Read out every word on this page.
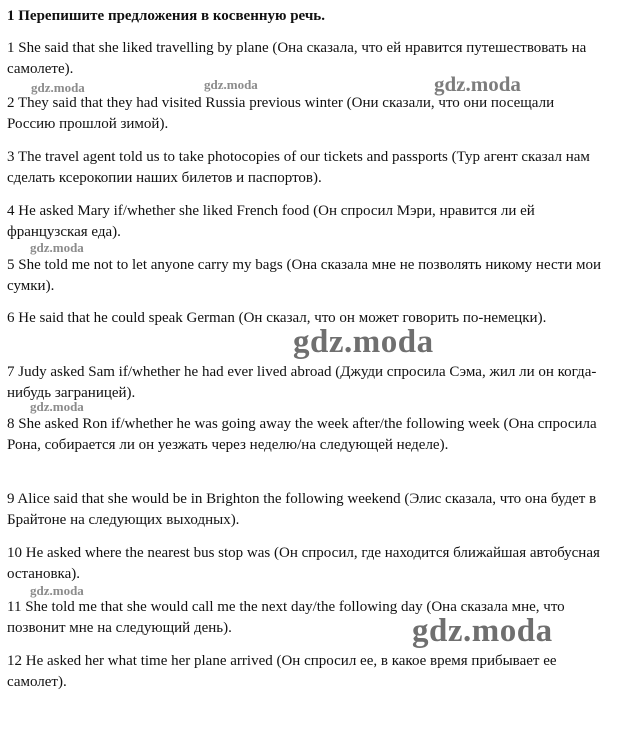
1 Перепишите предложения в косвенную речь.
1 She said that she liked travelling by plane (Она сказала, что ей нравится путешествовать на самолете).
2 They said that they had visited Russia previous winter (Они сказали, что они посещали Россию прошлой зимой).
3 The travel agent told us to take photocopies of our tickets and passports (Тур агент сказал нам сделать ксерокопии наших билетов и паспортов).
4 He asked Mary if/whether she liked French food (Он спросил Мэри, нравится ли ей французская еда).
5 She told me not to let anyone carry my bags (Она сказала мне не позволять никому нести мои сумки).
6 He said that he could speak German (Он сказал, что он может говорить по-немецки).
7 Judy asked Sam if/whether he had ever lived abroad (Джуди спросила Сэма, жил ли он когда-нибудь заграницей).
8 She asked Ron if/whether he was going away the week after/the following week (Она спросила Рона, собирается ли он уезжать через неделю/на следующей неделе).
9 Alice said that she would be in Brighton the following weekend (Элис сказала, что она будет в Брайтоне на следующих выходных).
10 He asked where the nearest bus stop was (Он спросил, где находится ближайшая автобусная остановка).
11 She told me that she would call me the next day/the following day (Она сказала мне, что позвонит мне на следующий день).
12 He asked her what time her plane arrived (Он спросил ее, в какое время прибывает ее самолет).
gdz.moda	gdz.moda	gdz.moda
gdz.moda
gdz.moda
gdz.moda
gdz.moda
gdz.moda
